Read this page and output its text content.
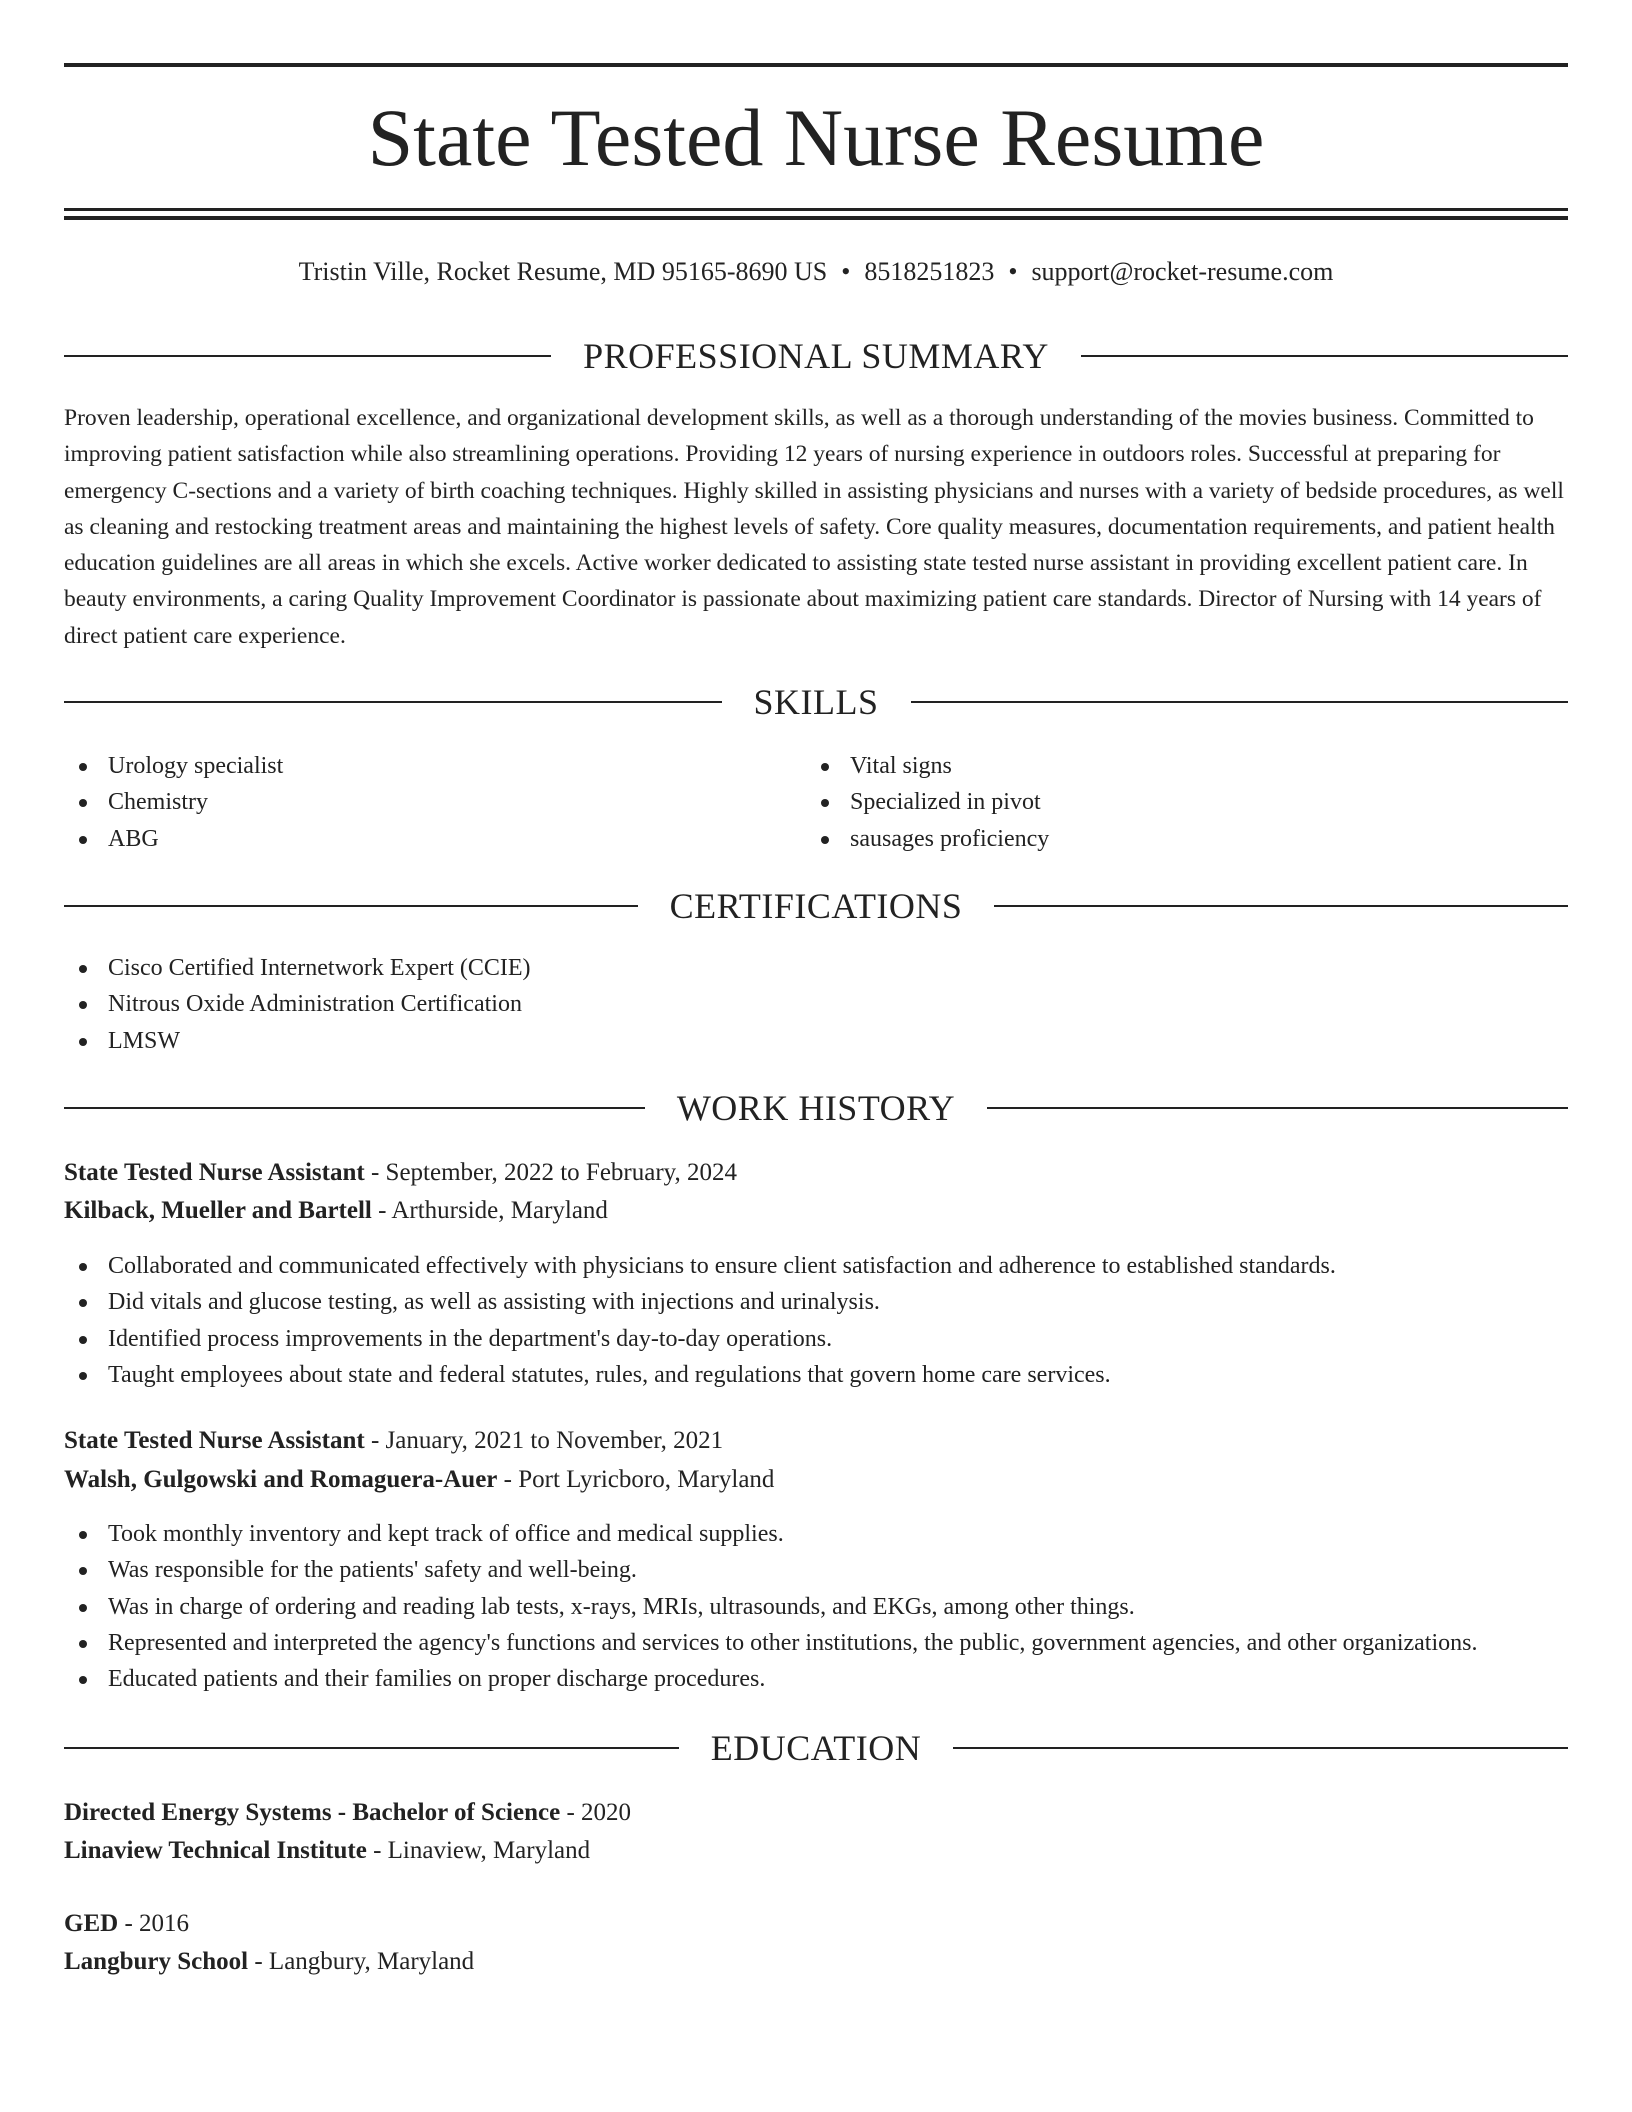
State Tested Nurse Resume
Tristin Ville, Rocket Resume, MD 95165-8690 US • 8518251823 • support@rocket-resume.com
PROFESSIONAL SUMMARY

Proven leadership, operational excellence, and organizational development skills, as well as a thorough understanding of the movies business. Committed to improving patient satisfaction while also streamlining operations. Providing 12 years of nursing experience in outdoors roles. Successful at preparing for emergency C-sections and a variety of birth coaching techniques. Highly skilled in assisting physicians and nurses with a variety of bedside procedures, as well as cleaning and restocking treatment areas and maintaining the highest levels of safety. Core quality measures, documentation requirements, and patient health education guidelines are all areas in which she excels. Active worker dedicated to assisting state tested nurse assistant in providing excellent patient care. In beauty environments, a caring Quality Improvement Coordinator is passionate about maximizing patient care standards. Director of Nursing with 14 years of direct patient care experience.

SKILLS
Urology specialist
Chemistry
ABG
Vital signs
Specialized in pivot
sausages proficiency
CERTIFICATIONS
Cisco Certified Internetwork Expert (CCIE)
Nitrous Oxide Administration Certification
LMSW
WORK HISTORY
State Tested Nurse Assistant - September, 2022 to February, 2024
Kilback, Mueller and Bartell - Arthurside, Maryland
Collaborated and communicated effectively with physicians to ensure client satisfaction and adherence to established standards.
Did vitals and glucose testing, as well as assisting with injections and urinalysis.
Identified process improvements in the department's day-to-day operations.
Taught employees about state and federal statutes, rules, and regulations that govern home care services.
State Tested Nurse Assistant - January, 2021 to November, 2021
Walsh, Gulgowski and Romaguera-Auer - Port Lyricboro, Maryland
Took monthly inventory and kept track of office and medical supplies.
Was responsible for the patients' safety and well-being.
Was in charge of ordering and reading lab tests, x-rays, MRIs, ultrasounds, and EKGs, among other things.
Represented and interpreted the agency's functions and services to other institutions, the public, government agencies, and other organizations.
Educated patients and their families on proper discharge procedures.
EDUCATION
Directed Energy Systems - Bachelor of Science - 2020
Linaview Technical Institute - Linaview, Maryland
GED - 2016
Langbury School - Langbury, Maryland
